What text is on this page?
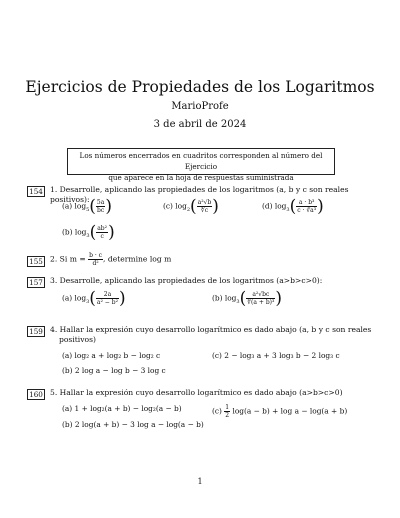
Ejercicios de Propiedades de los Logaritmos
MarioProfe
3 de abril de 2024
Los números encerrados en cuadritos corresponden al número del Ejercicio
que aparece en la hoja de respuestas suministrada
154 1. Desarrolle, aplicando las propiedades de los logaritmos (a, b y c son reales positivos):
(a) $\log_5( \frac{5a}{bc}$ )	(c) $\log_2( \frac{\text{a²√b}}{∜c}$ )	(d) $\log_3( \frac{\text{a · b³}}{\text{c · ∛a³}}$ )
(b) $\log_3( \frac{\text{ab²}}{c}$ )
155 2. Si $m = \frac{b \cdot c}{\text{d²}}$ , determine log m
157 3. Desarrolle, aplicando las propiedades de los logaritmos (a>b>c>0):
(a) $\log_3( \frac{2a}{\text{a² − b²}}$ )	(b) $\log_3( \frac{\text{a²√bc}}{\text{∜(a + b)³}}$ )
159 4. Hallar la expresión cuyo desarrollo logarítmico es dado abajo (a, b y c son reales
positivos)
(a) log₂ a + log₂ b − log₂ c	(c) 2 − log₃ a + 3 log₃ b − 2 log₃ c
(b) 2 log a − log b − 3 log c
160 5. Hallar la expresión cuyo desarrollo logarítmico es dado abajo (a>b>c>0)
(a) 1 + log₂(a + b) − log₂(a − b)	$(c) \frac{1}{2} \log(a - b) + \log a - \log(a + b)$
(b) 2 log(a + b) − 3 log a − log(a − b)
1
